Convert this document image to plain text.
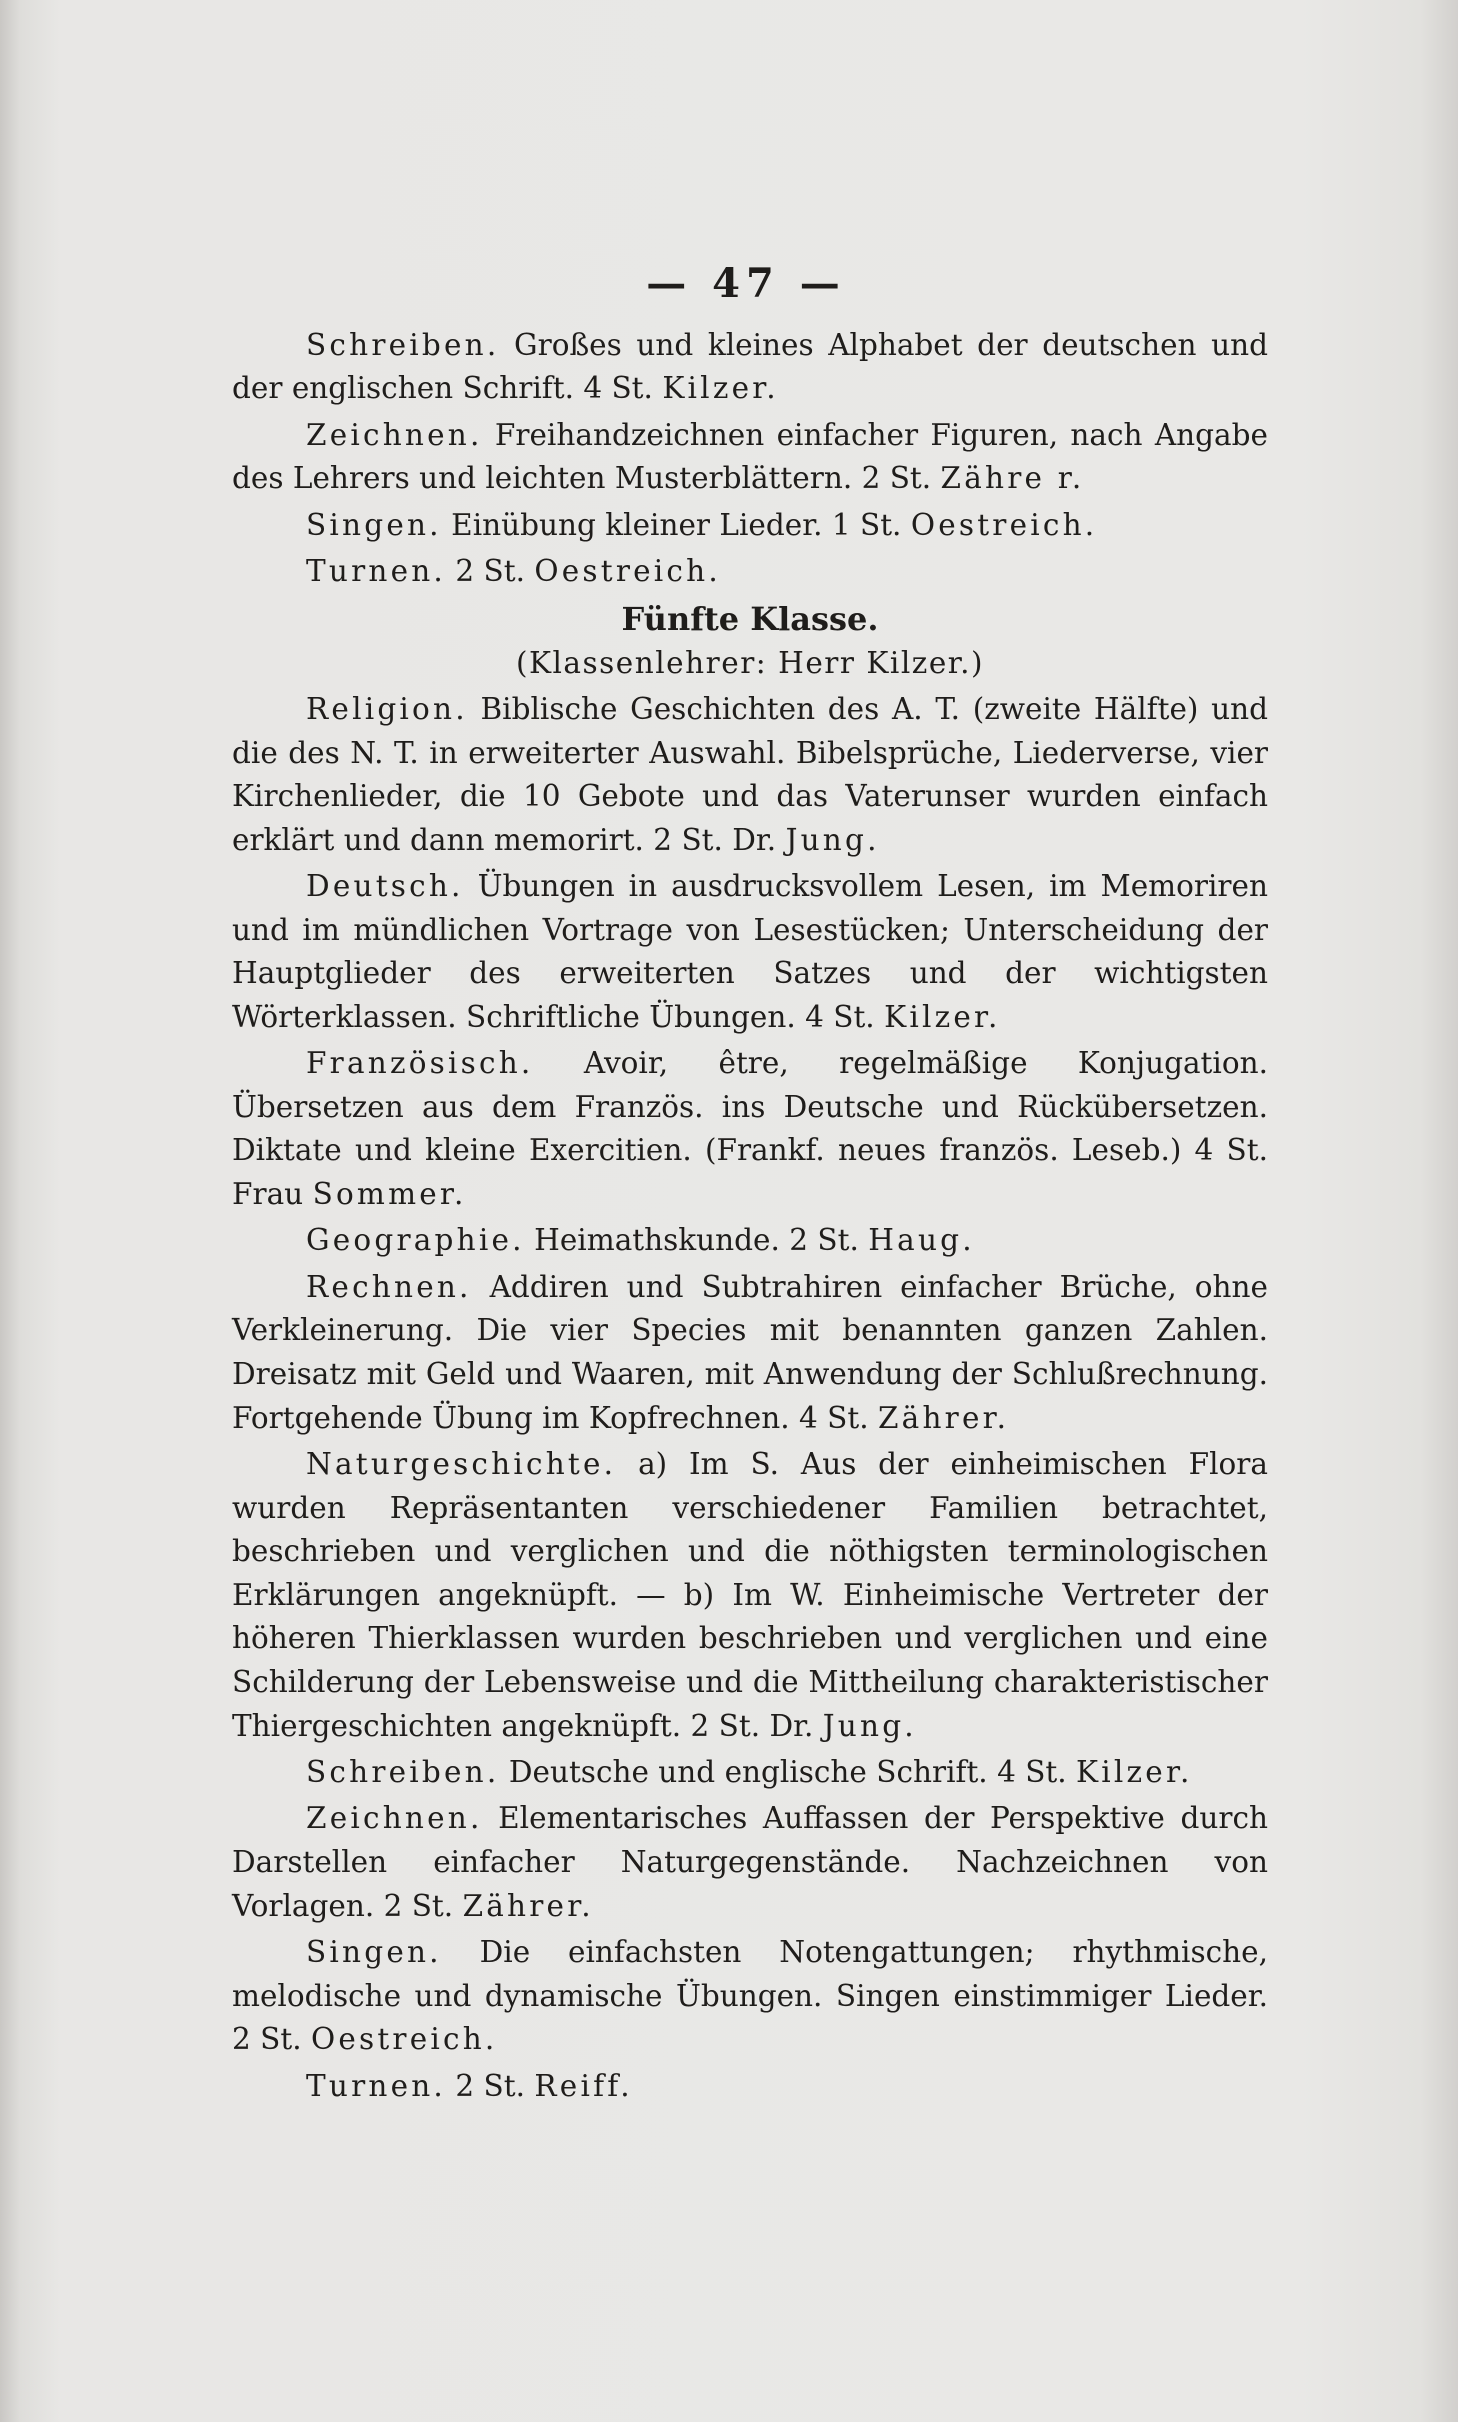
— 47 —

Schreiben. Großes und kleines Alphabet der deutschen und der englischen Schrift. 4 St. Kilzer.

Zeichnen. Freihandzeichnen einfacher Figuren, nach Angabe des Lehrers und leichten Musterblättern. 2 St. Zähre r.

Singen. Einübung kleiner Lieder. 1 St. Oestreich.

Turnen. 2 St. Oestreich.

Fünfte Klasse.
(Klassenlehrer: Herr Kilzer.)

Religion. Biblische Geschichten des A. T. (zweite Hälfte) und die des N. T. in erweiterter Auswahl. Bibelsprüche, Liederverse, vier Kirchenlieder, die 10 Gebote und das Vaterunser wurden einfach erklärt und dann memorirt. 2 St. Dr. Jung.

Deutsch. Übungen in ausdrucksvollem Lesen, im Memoriren und im mündlichen Vortrage von Lesestücken; Unterscheidung der Hauptglieder des erweiterten Satzes und der wichtigsten Wörterklassen. Schriftliche Übungen. 4 St. Kilzer.

Französisch. Avoir, être, regelmäßige Konjugation. Übersetzen aus dem Französ. ins Deutsche und Rückübersetzen. Diktate und kleine Exercitien. (Frankf. neues französ. Leseb.) 4 St. Frau Sommer.

Geographie. Heimathskunde. 2 St. Haug.

Rechnen. Addiren und Subtrahiren einfacher Brüche, ohne Verkleinerung. Die vier Species mit benannten ganzen Zahlen. Dreisatz mit Geld und Waaren, mit Anwendung der Schlußrechnung. Fortgehende Übung im Kopfrechnen. 4 St. Zährer.

Naturgeschichte. a) Im S. Aus der einheimischen Flora wurden Repräsentanten verschiedener Familien betrachtet, beschrieben und verglichen und die nöthigsten terminologischen Erklärungen angeknüpft. — b) Im W. Einheimische Vertreter der höheren Thierklassen wurden beschrieben und verglichen und eine Schilderung der Lebensweise und die Mittheilung charakteristischer Thiergeschichten angeknüpft. 2 St. Dr. Jung.

Schreiben. Deutsche und englische Schrift. 4 St. Kilzer.

Zeichnen. Elementarisches Auffassen der Perspektive durch Darstellen einfacher Naturgegenstände. Nachzeichnen von Vorlagen. 2 St. Zährer.

Singen. Die einfachsten Notengattungen; rhythmische, melodische und dynamische Übungen. Singen einstimmiger Lieder. 2 St. Oestreich.

Turnen. 2 St. Reiff.
